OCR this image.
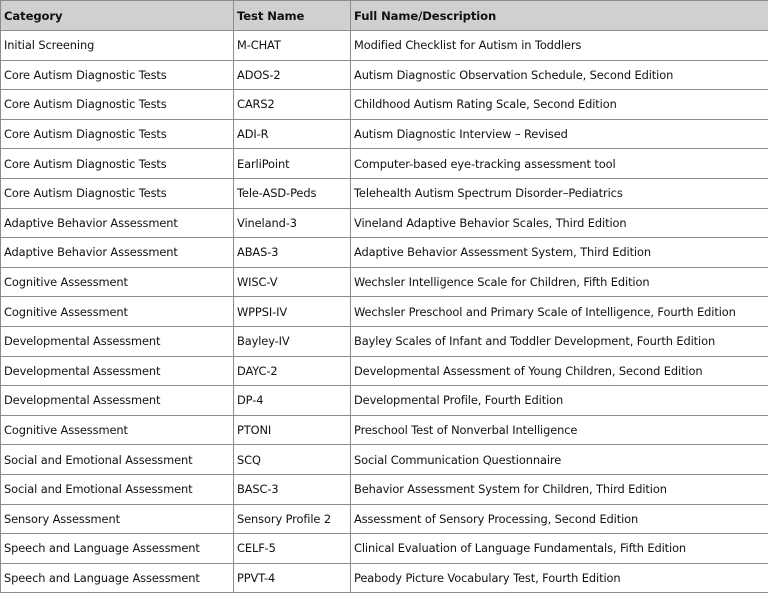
Category	Test Name	Full Name/Description
Initial Screening	M-CHAT	Modified Checklist for Autism in Toddlers
Core Autism Diagnostic Tests	ADOS-2	Autism Diagnostic Observation Schedule, Second Edition
Core Autism Diagnostic Tests	CARS2	Childhood Autism Rating Scale, Second Edition
Core Autism Diagnostic Tests	ADI-R	Autism Diagnostic Interview – Revised
Core Autism Diagnostic Tests	EarliPoint	Computer-based eye-tracking assessment tool
Core Autism Diagnostic Tests	Tele-ASD-Peds	Telehealth Autism Spectrum Disorder–Pediatrics
Adaptive Behavior Assessment	Vineland-3	Vineland Adaptive Behavior Scales, Third Edition
Adaptive Behavior Assessment	ABAS-3	Adaptive Behavior Assessment System, Third Edition
Cognitive Assessment	WISC-V	Wechsler Intelligence Scale for Children, Fifth Edition
Cognitive Assessment	WPPSI-IV	Wechsler Preschool and Primary Scale of Intelligence, Fourth Edition
Developmental Assessment	Bayley-IV	Bayley Scales of Infant and Toddler Development, Fourth Edition
Developmental Assessment	DAYC-2	Developmental Assessment of Young Children, Second Edition
Developmental Assessment	DP-4	Developmental Profile, Fourth Edition
Cognitive Assessment	PTONI	Preschool Test of Nonverbal Intelligence
Social and Emotional Assessment	SCQ	Social Communication Questionnaire
Social and Emotional Assessment	BASC-3	Behavior Assessment System for Children, Third Edition
Sensory Assessment	Sensory Profile 2	Assessment of Sensory Processing, Second Edition
Speech and Language Assessment	CELF-5	Clinical Evaluation of Language Fundamentals, Fifth Edition
Speech and Language Assessment	PPVT-4	Peabody Picture Vocabulary Test, Fourth Edition
